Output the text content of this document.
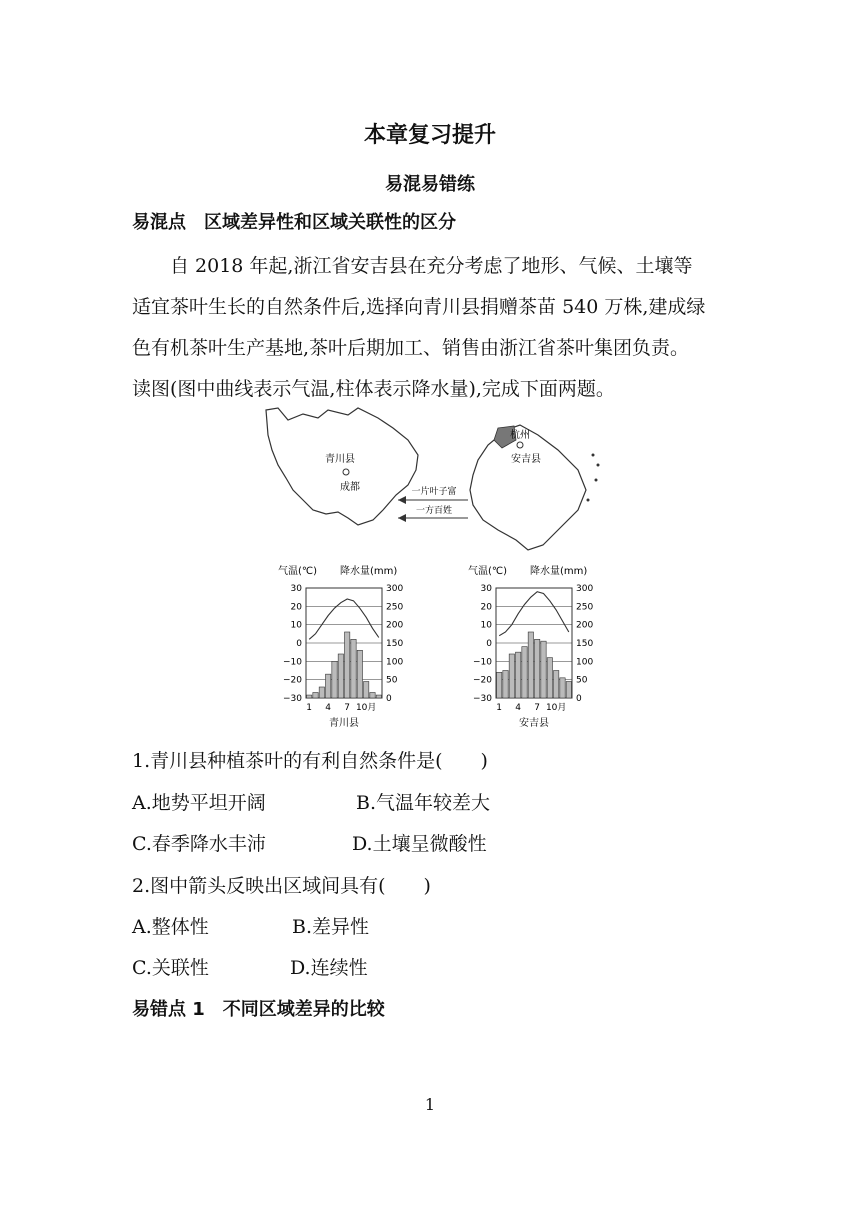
本章复习提升
易混易错练
易混点　区域差异性和区域关联性的区分
　　自 2018 年起,浙江省安吉县在充分考虑了地形、气候、土壤等
适宜茶叶生长的自然条件后,选择向青川县捐赠茶苗 540 万株,建成绿
色有机茶叶生产基地,茶叶后期加工、销售由浙江省茶叶集团负责。
读图(图中曲线表示气温,柱体表示降水量),完成下面两题。
青川县
成都
杭州
安吉县
一片叶子富
一方百姓
气温(℃) 降水量(mm)
30
20
10
0
−10
−20
−30
300
250
200
150
100
50
0
1 4 7 10月
青川县
气温(℃) 降水量(mm)
30
20
10
0
−10
−20
−30
300
250
200
150
100
50
0
1 4 7 10月
安吉县
1.青川县种植茶叶的有利自然条件是(　　)
A.地势平坦开阔	B.气温年较差大
C.春季降水丰沛	D.土壤呈微酸性
2.图中箭头反映出区域间具有(　　)
A.整体性	B.差异性
C.关联性	D.连续性
易错点 1　不同区域差异的比较
1
